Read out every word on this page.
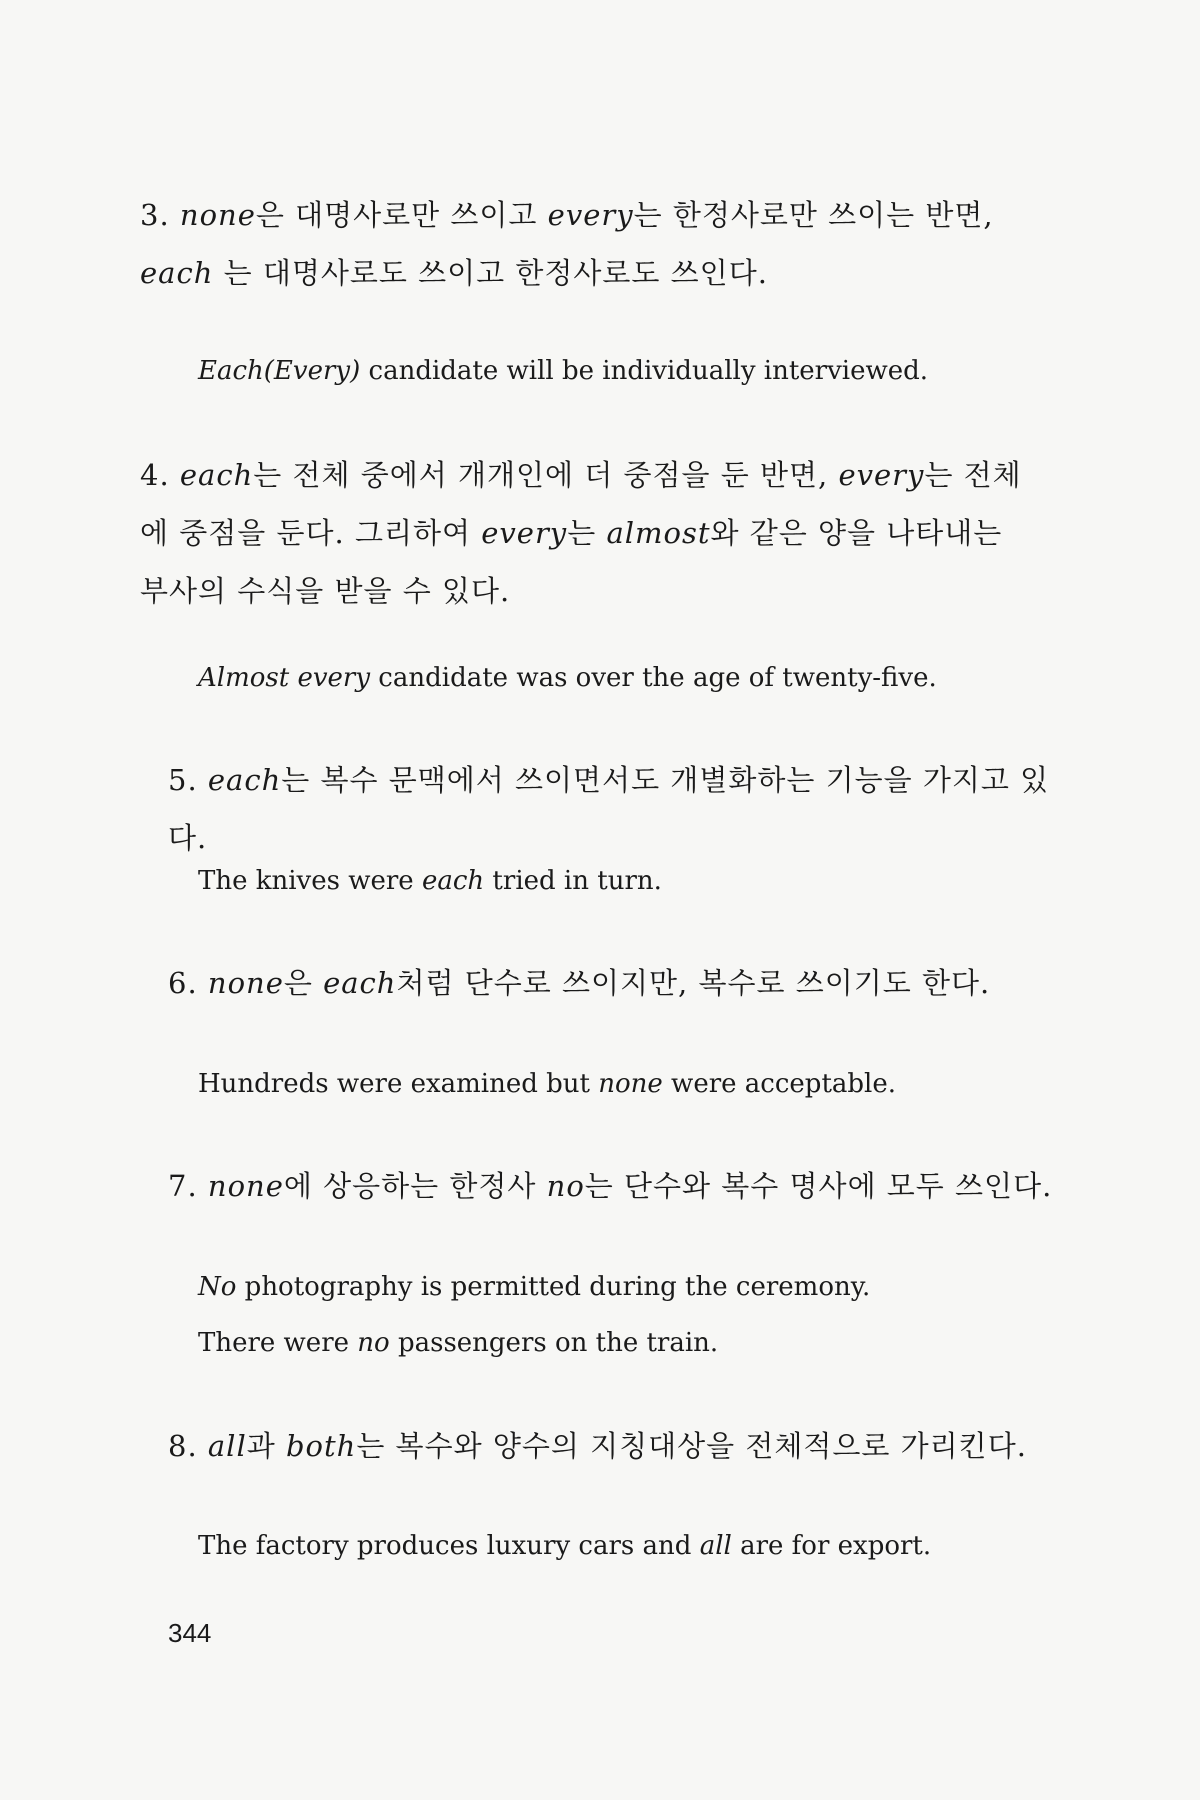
3. none은 대명사로만 쓰이고 every는 한정사로만 쓰이는 반면, each 는 대명사로도 쓰이고 한정사로도 쓰인다.
Each(Every) candidate will be individually interviewed.
4. each는 전체 중에서 개개인에 더 중점을 둔 반면, every는 전체에 중점을 둔다. 그리하여 every는 almost와 같은 양을 나타내는 부사의 수식을 받을 수 있다.
Almost every candidate was over the age of twenty-five.
5. each는 복수 문맥에서 쓰이면서도 개별화하는 기능을 가지고 있다.
The knives were each tried in turn.
6. none은 each처럼 단수로 쓰이지만, 복수로 쓰이기도 한다.
Hundreds were examined but none were acceptable.
7. none에 상응하는 한정사 no는 단수와 복수 명사에 모두 쓰인다.
No photography is permitted during the ceremony.
There were no passengers on the train.
8. all과 both는 복수와 양수의 지칭대상을 전체적으로 가리킨다.
The factory produces luxury cars and all are for export.
344
